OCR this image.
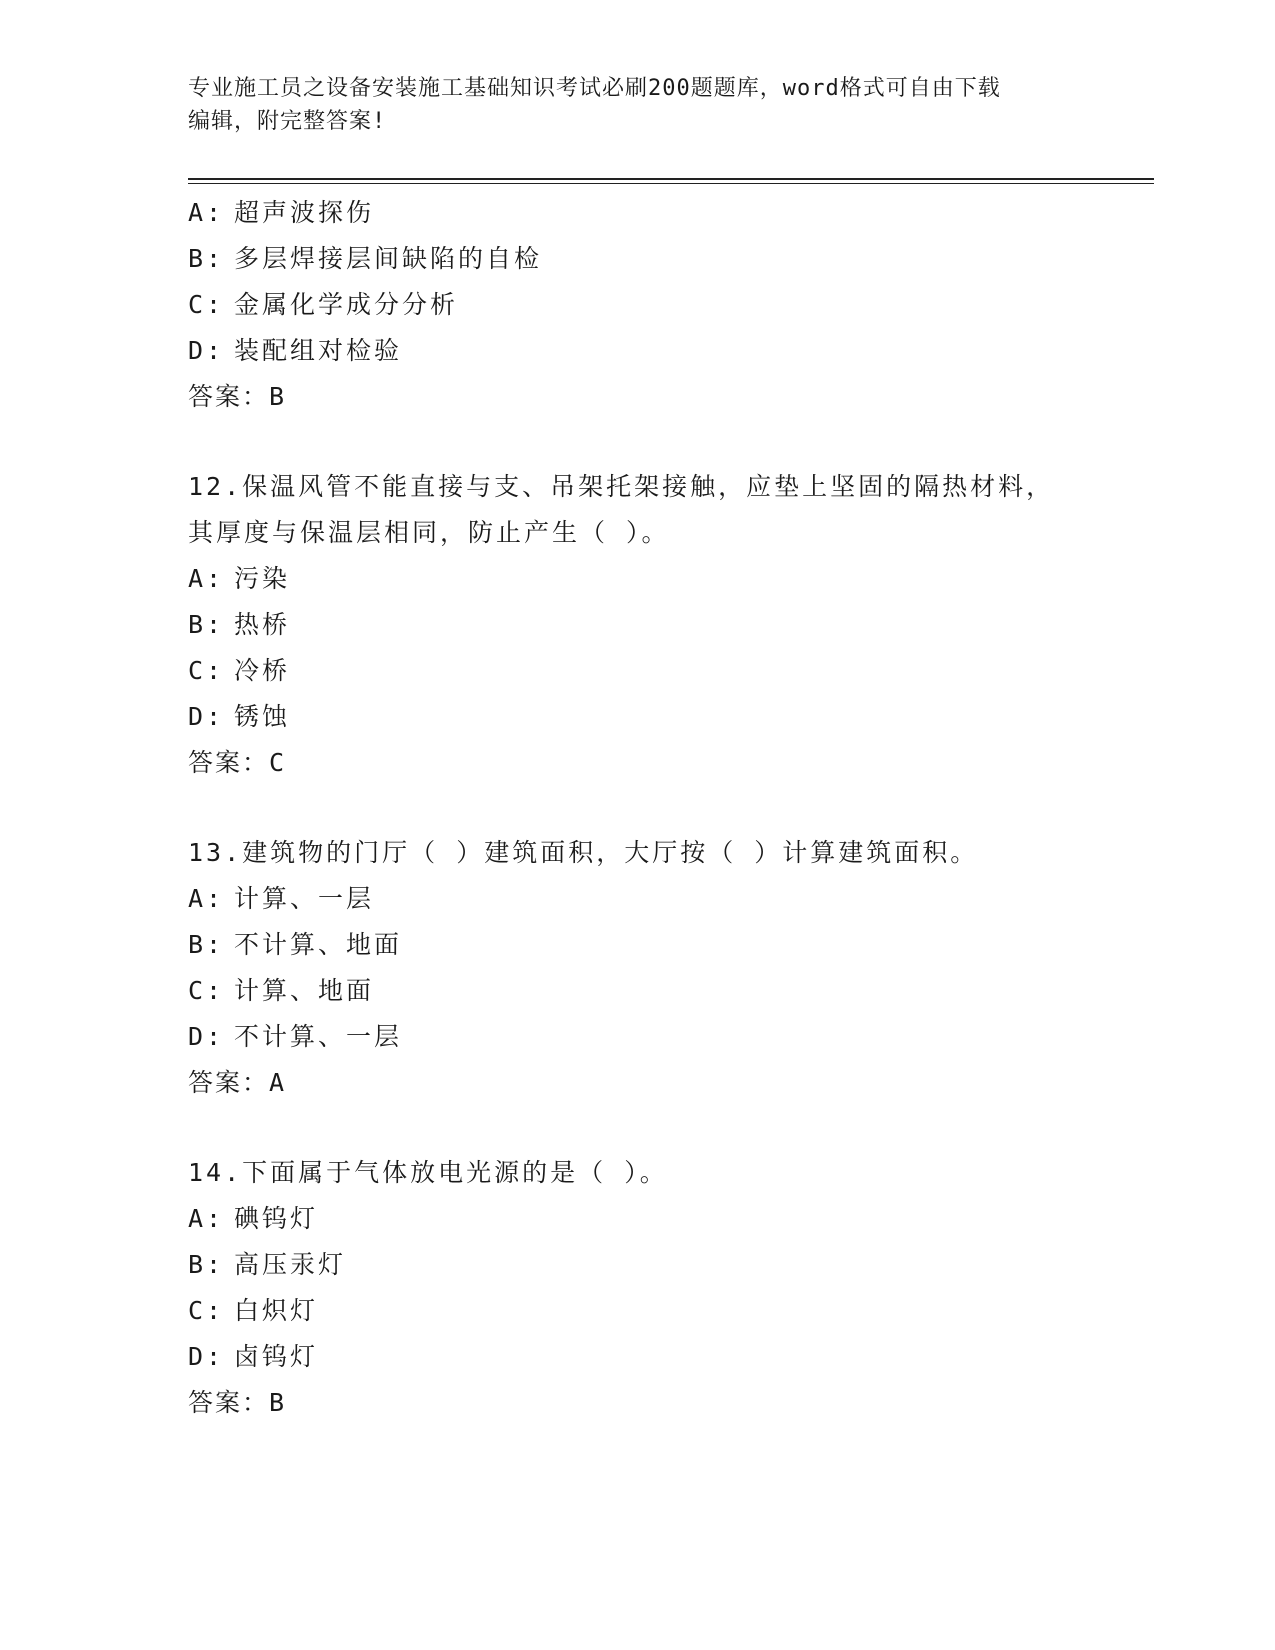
专业施工员之设备安装施工基础知识考试必刷200题题库，word格式可自由下载
编辑，附完整答案!
A: 超声波探伤
B: 多层焊接层间缺陷的自检
C: 金属化学成分分析
D: 装配组对检验
答案：B
12.保温风管不能直接与支、吊架托架接触，应垫上坚固的隔热材料，
其厚度与保温层相同，防止产生（ ）。
A: 污染
B: 热桥
C: 冷桥
D: 锈蚀
答案：C
13.建筑物的门厅（ ）建筑面积，大厅按（ ）计算建筑面积。
A: 计算、一层
B: 不计算、地面
C: 计算、地面
D: 不计算、一层
答案：A
14.下面属于气体放电光源的是（ ）。
A: 碘钨灯
B: 高压汞灯
C: 白炽灯
D: 卤钨灯
答案：B
